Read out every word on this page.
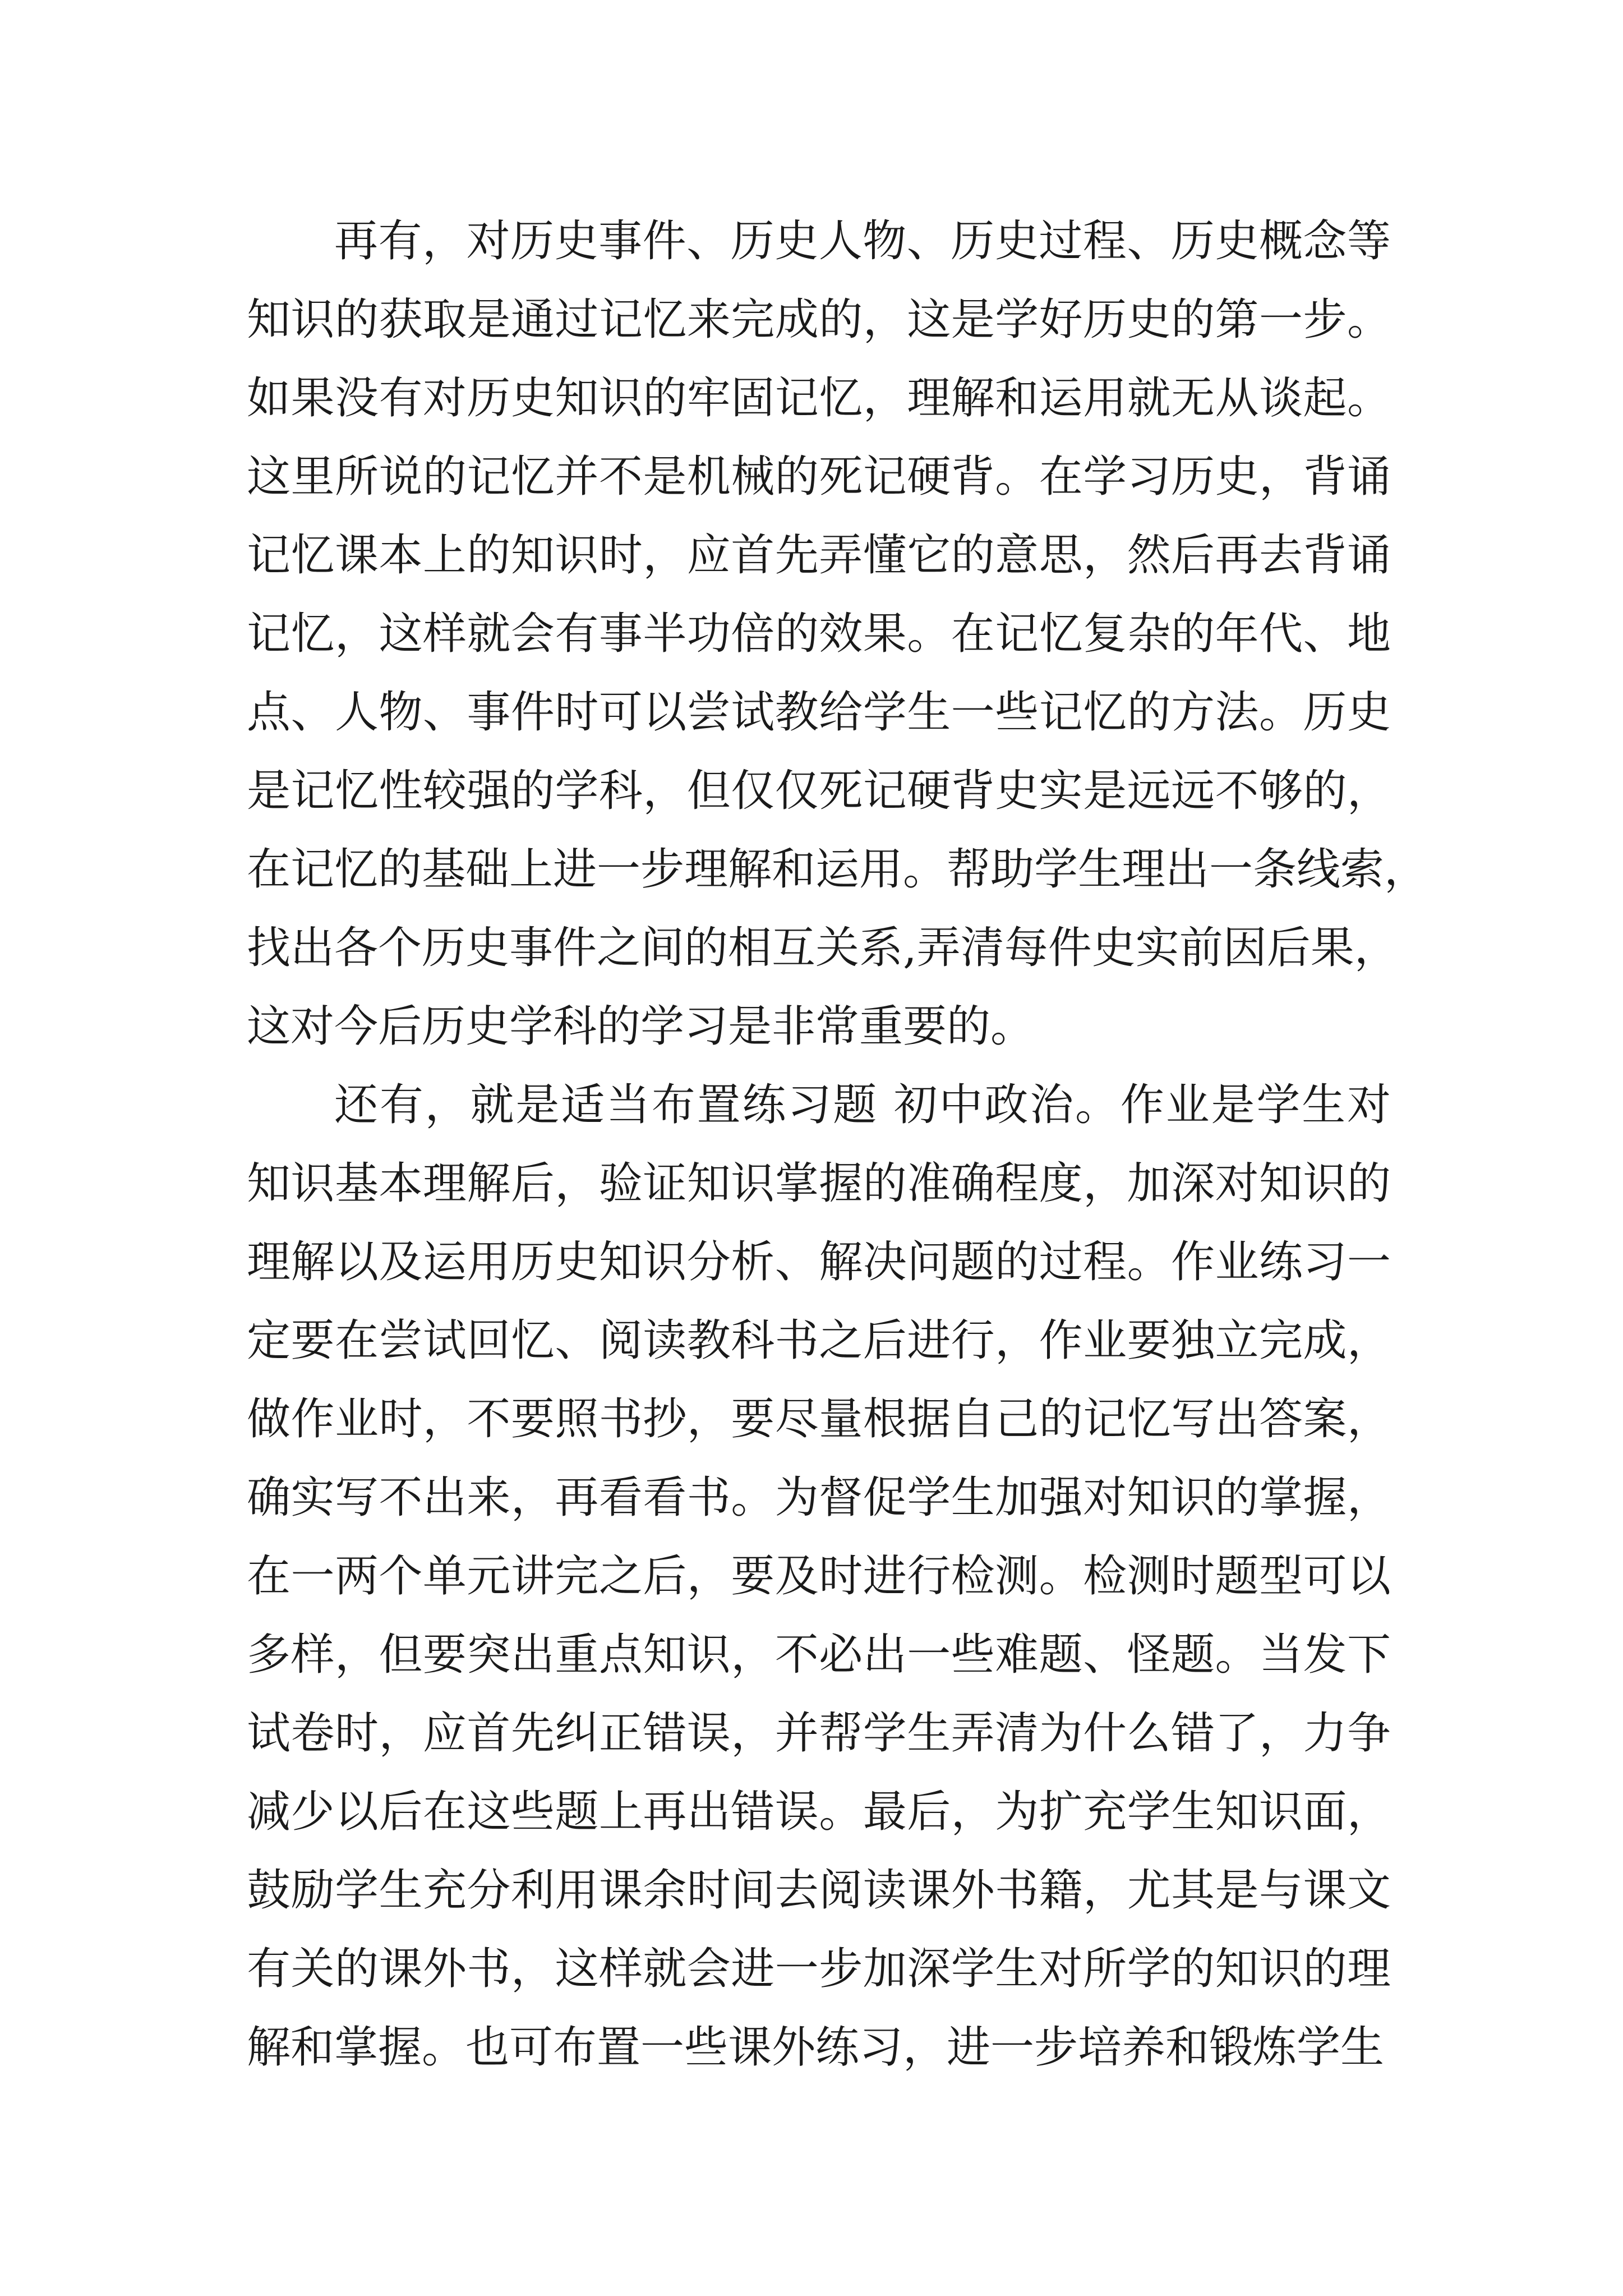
再有，对历史事件、历史人物、历史过程、历史概念等
知识的获取是通过记忆来完成的，这是学好历史的第一步。
如果没有对历史知识的牢固记忆，理解和运用就无从谈起。
这里所说的记忆并不是机械的死记硬背。在学习历史，背诵
记忆课本上的知识时，应首先弄懂它的意思，然后再去背诵
记忆，这样就会有事半功倍的效果。在记忆复杂的年代、地
点、人物、事件时可以尝试教给学生一些记忆的方法。历史
是记忆性较强的学科，但仅仅死记硬背史实是远远不够的，
在记忆的基础上进一步理解和运用。帮助学生理出一条线索，
找出各个历史事件之间的相互关系,弄清每件史实前因后果，
这对今后历史学科的学习是非常重要的。
还有，就是适当布置练习题 初中政治。作业是学生对
知识基本理解后，验证知识掌握的准确程度，加深对知识的
理解以及运用历史知识分析、解决问题的过程。作业练习一
定要在尝试回忆、阅读教科书之后进行，作业要独立完成，
做作业时，不要照书抄，要尽量根据自己的记忆写出答案，
确实写不出来，再看看书。为督促学生加强对知识的掌握，
在一两个单元讲完之后，要及时进行检测。检测时题型可以
多样，但要突出重点知识，不必出一些难题、怪题。当发下
试卷时，应首先纠正错误，并帮学生弄清为什么错了，力争
减少以后在这些题上再出错误。最后，为扩充学生知识面，
鼓励学生充分利用课余时间去阅读课外书籍，尤其是与课文
有关的课外书，这样就会进一步加深学生对所学的知识的理
解和掌握。也可布置一些课外练习，进一步培养和锻炼学生
